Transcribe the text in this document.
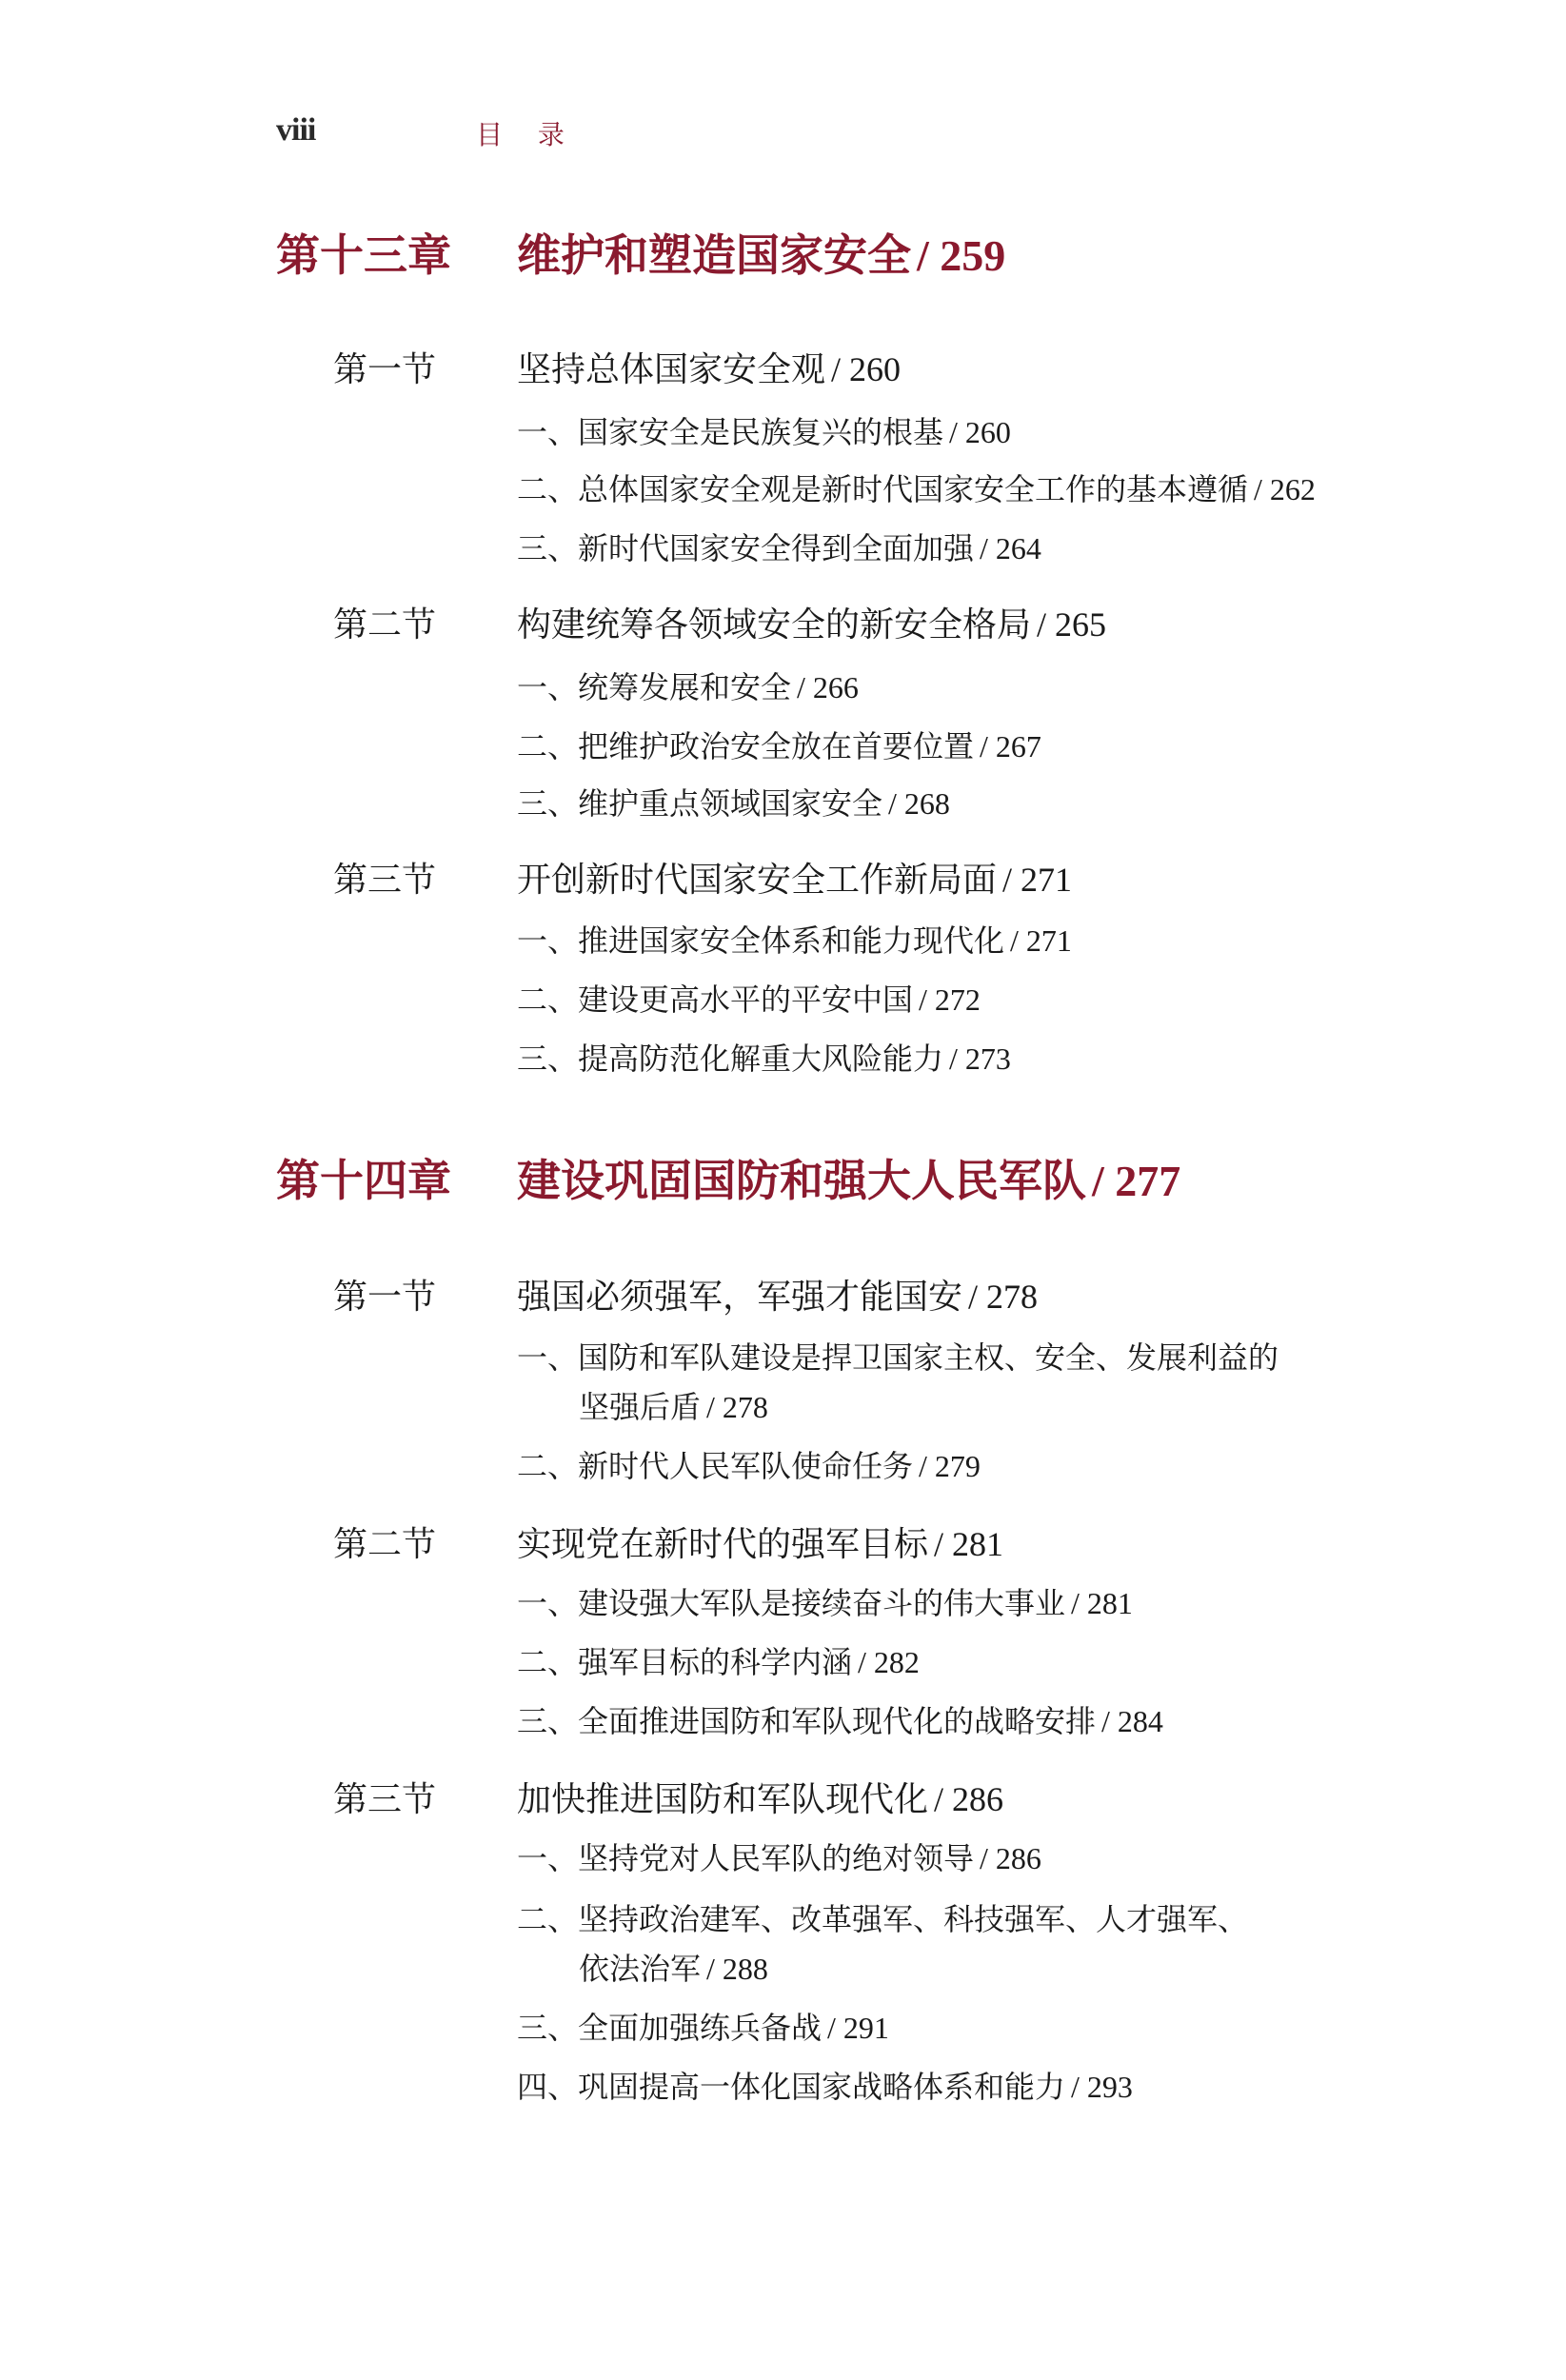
viii	目 录
第十三章 维护和塑造国家安全 / 259
第一节 坚持总体国家安全观 / 260
一、国家安全是民族复兴的根基 / 260
二、总体国家安全观是新时代国家安全工作的基本遵循 / 262
三、新时代国家安全得到全面加强 / 264
第二节 构建统筹各领域安全的新安全格局 / 265
一、统筹发展和安全 / 266
二、把维护政治安全放在首要位置 / 267
三、维护重点领域国家安全 / 268
第三节 开创新时代国家安全工作新局面 / 271
一、推进国家安全体系和能力现代化 / 271
二、建设更高水平的平安中国 / 272
三、提高防范化解重大风险能力 / 273
第十四章 建设巩固国防和强大人民军队 / 277
第一节 强国必须强军，军强才能国安 / 278
一、国防和军队建设是捍卫国家主权、安全、发展利益的
坚强后盾 / 278
二、新时代人民军队使命任务 / 279
第二节 实现党在新时代的强军目标 / 281
一、建设强大军队是接续奋斗的伟大事业 / 281
二、强军目标的科学内涵 / 282
三、全面推进国防和军队现代化的战略安排 / 284
第三节 加快推进国防和军队现代化 / 286
一、坚持党对人民军队的绝对领导 / 286
二、坚持政治建军、改革强军、科技强军、人才强军、
依法治军 / 288
三、全面加强练兵备战 / 291
四、巩固提高一体化国家战略体系和能力 / 293
